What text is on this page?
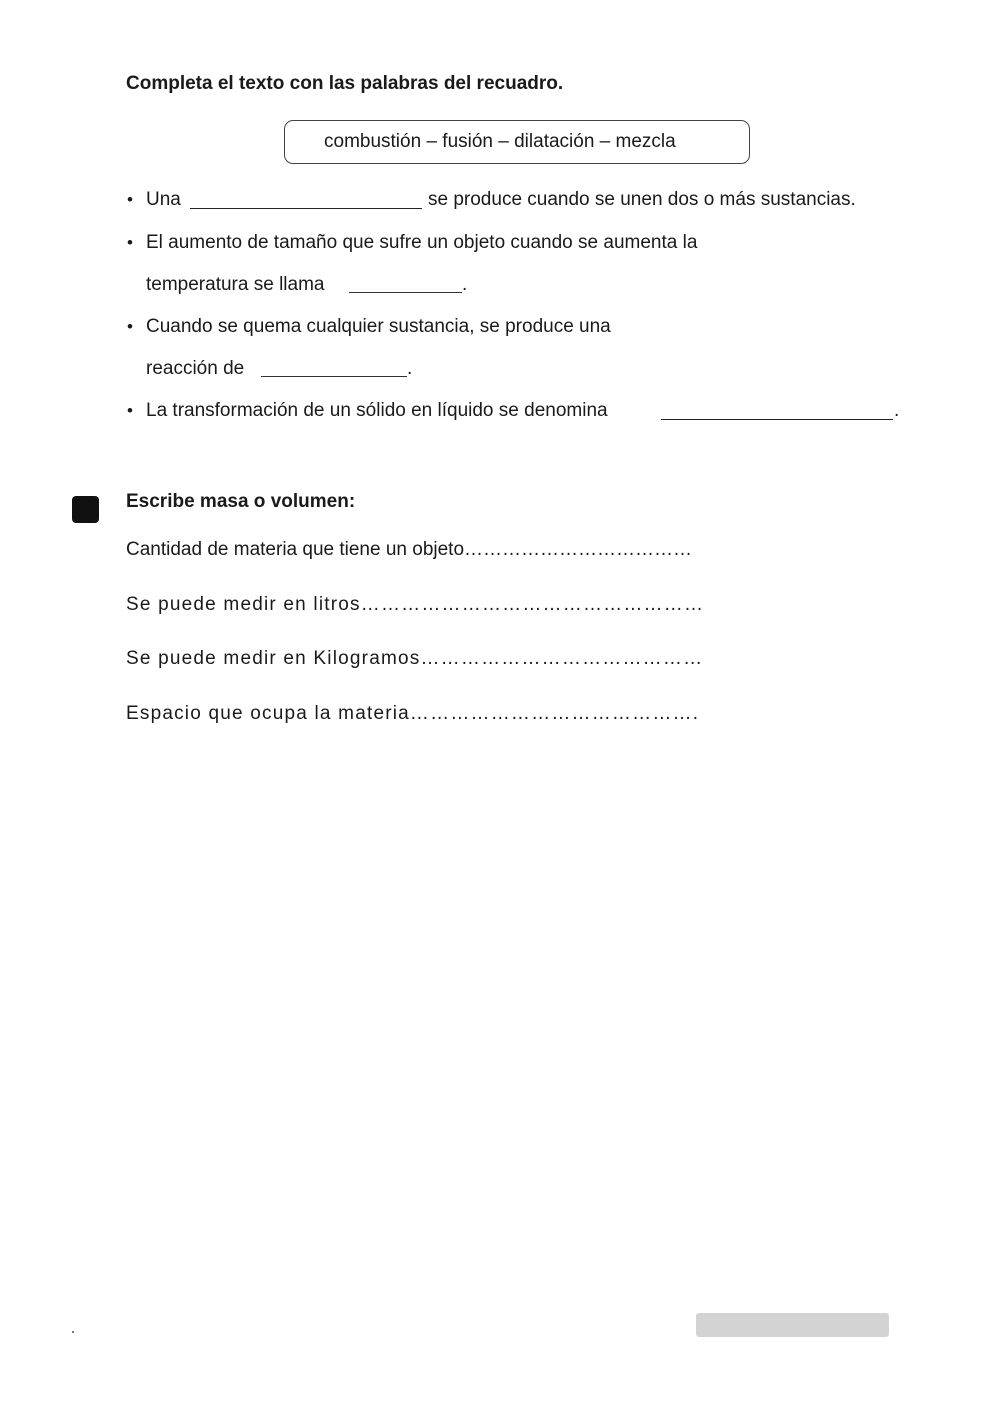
Completa el texto con las palabras del recuadro.
combustión – fusión – dilatación – mezcla
• Una	se produce cuando se unen dos o más sustancias.
• El aumento de tamaño que sufre un objeto cuando se aumenta la
temperatura se llama	.
• Cuando se quema cualquier sustancia, se produce una
reacción de	.
• La transformación de un sólido en líquido se denomina	.
Escribe masa o volumen:
Cantidad de materia que tiene un objeto………………………………
Se puede medir en litros……………………………………………
Se puede medir en Kilogramos……………………………………
Espacio que ocupa la materia…………………………………….
